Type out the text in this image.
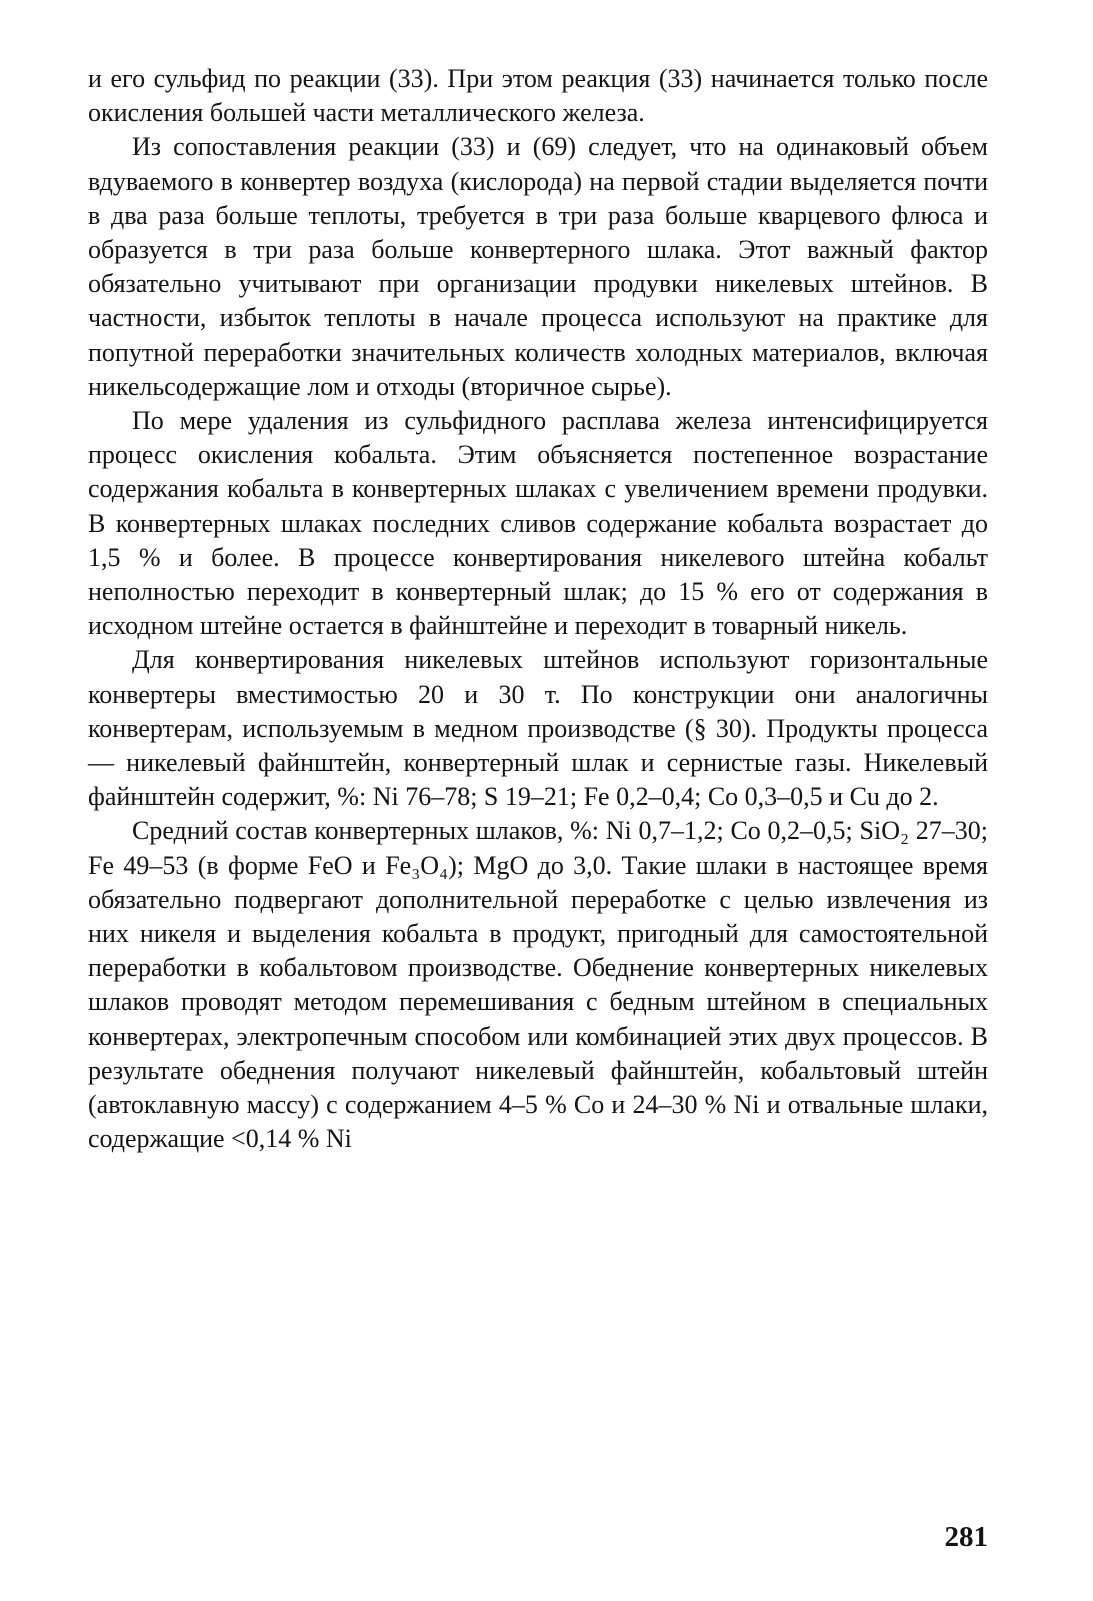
и его сульфид по реакции (33). При этом реакция (33) начинается только после окисления большей части металлического железа.

Из сопоставления реакции (33) и (69) следует, что на одинаковый объем вдуваемого в конвертер воздуха (кислорода) на первой стадии выделяется почти в два раза больше теплоты, требуется в три раза больше кварцевого флюса и образуется в три раза больше конвертерного шлака. Этот важный фактор обязательно учитывают при организации продувки никелевых штейнов. В частности, избыток теплоты в начале процесса используют на практике для попутной переработки значительных количеств холодных материалов, включая никельсодержащие лом и отходы (вторичное сырье).

По мере удаления из сульфидного расплава железа интенсифицируется процесс окисления кобальта. Этим объясняется постепенное возрастание содержания кобальта в конвертерных шлаках с увеличением времени продувки. В конвертерных шлаках последних сливов содержание кобальта возрастает до 1,5 % и более. В процессе конвертирования никелевого штейна кобальт неполностью переходит в конвертерный шлак; до 15 % его от содержания в исходном штейне остается в файнштейне и переходит в товарный никель.

Для конвертирования никелевых штейнов используют горизонтальные конвертеры вместимостью 20 и 30 т. По конструкции они аналогичны конвертерам, используемым в медном производстве (§ 30). Продукты процесса — никелевый файнштейн, конвертерный шлак и сернистые газы. Никелевый файнштейн содержит, %: Ni 76–78; S 19–21; Fe 0,2–0,4; Co 0,3–0,5 и Cu до 2.

Средний состав конвертерных шлаков, %: Ni 0,7–1,2; Co 0,2–0,5; SiO₂ 27–30; Fe 49–53 (в форме FeO и Fe₃O₄); MgO до 3,0. Такие шлаки в настоящее время обязательно подвергают дополнительной переработке с целью извлечения из них никеля и выделения кобальта в продукт, пригодный для самостоятельной переработки в кобальтовом производстве. Обеднение конвертерных никелевых шлаков проводят методом перемешивания с бедным штейном в специальных конвертерах, электропечным способом или комбинацией этих двух процессов. В результате обеднения получают никелевый файнштейн, кобальтовый штейн (автоклавную массу) с содержанием 4–5 % Co и 24–30 % Ni и отвальные шлаки, содержащие <0,14 % Ni

281
